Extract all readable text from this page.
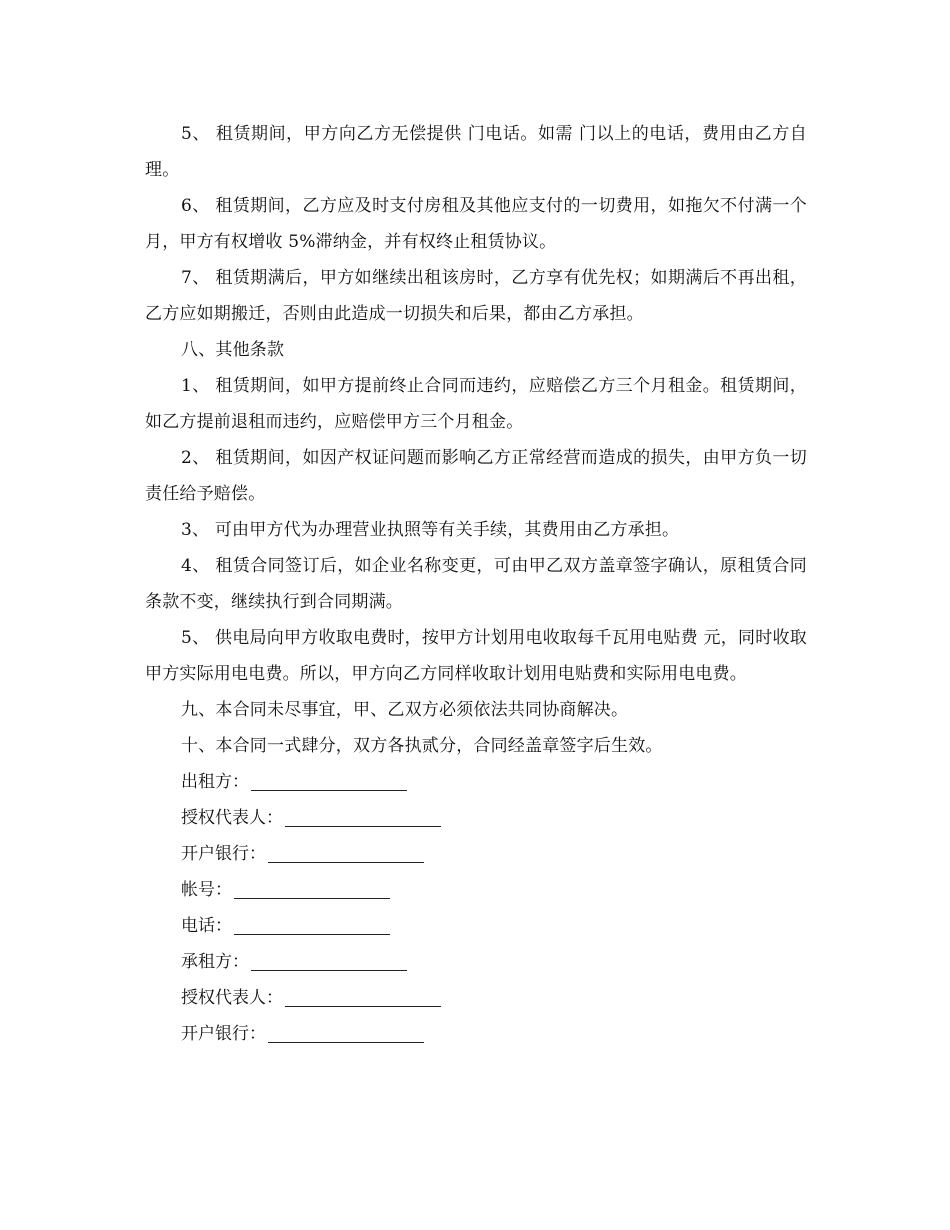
5、 租赁期间，甲方向乙方无偿提供 门电话。如需 门以上的电话，费用由乙方自理。

6、 租赁期间，乙方应及时支付房租及其他应支付的一切费用，如拖欠不付满一个月，甲方有权增收 5%滞纳金，并有权终止租赁协议。

7、 租赁期满后，甲方如继续出租该房时，乙方享有优先权；如期满后不再出租，乙方应如期搬迁，否则由此造成一切损失和后果，都由乙方承担。

八、其他条款

1、 租赁期间，如甲方提前终止合同而违约，应赔偿乙方三个月租金。租赁期间，如乙方提前退租而违约，应赔偿甲方三个月租金。

2、 租赁期间，如因产权证问题而影响乙方正常经营而造成的损失，由甲方负一切责任给予赔偿。

3、 可由甲方代为办理营业执照等有关手续，其费用由乙方承担。

4、 租赁合同签订后，如企业名称变更，可由甲乙双方盖章签字确认，原租赁合同条款不变，继续执行到合同期满。

5、 供电局向甲方收取电费时，按甲方计划用电收取每千瓦用电贴费 元，同时收取甲方实际用电电费。所以，甲方向乙方同样收取计划用电贴费和实际用电电费。

九、本合同未尽事宜，甲、乙双方必须依法共同协商解决。

十、本合同一式肆分，双方各执贰分，合同经盖章签字后生效。

出租方：
授权代表人：
开户银行：
帐号：
电话：
承租方：
授权代表人：
开户银行：
